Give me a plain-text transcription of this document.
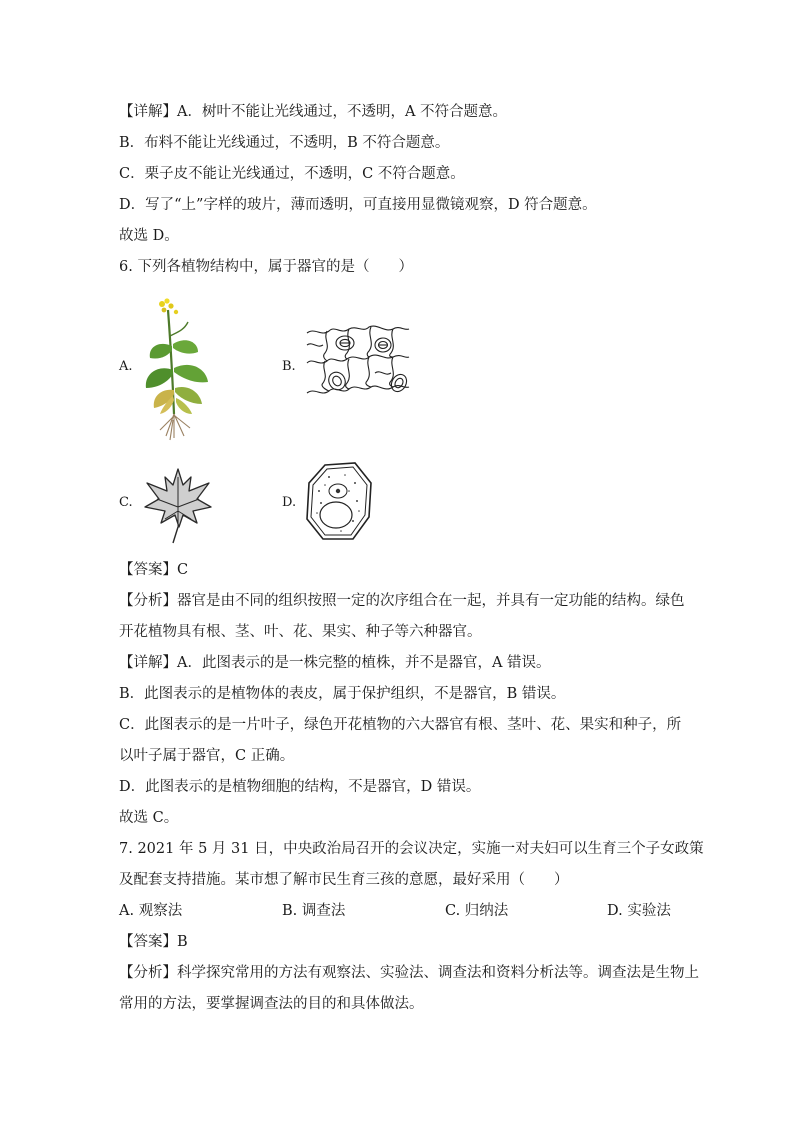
【详解】A．树叶不能让光线通过，不透明，A 不符合题意。
B．布料不能让光线通过，不透明，B 不符合题意。
C．栗子皮不能让光线通过，不透明，C 不符合题意。
D．写了“上”字样的玻片，薄而透明，可直接用显微镜观察，D 符合题意。
故选 D。
6. 下列各植物结构中，属于器官的是（　　）
A.	B.
C.	D.
【答案】C
【分析】器官是由不同的组织按照一定的次序组合在一起，并具有一定功能的结构。绿色
开花植物具有根、茎、叶、花、果实、种子等六种器官。
【详解】A．此图表示的是一株完整的植株，并不是器官，A 错误。
B．此图表示的是植物体的表皮，属于保护组织，不是器官，B 错误。
C．此图表示的是一片叶子，绿色开花植物的六大器官有根、茎叶、花、果实和种子，所
以叶子属于器官，C 正确。
D．此图表示的是植物细胞的结构，不是器官，D 错误。
故选 C。
7. 2021 年 5 月 31 日，中央政治局召开的会议决定，实施一对夫妇可以生育三个子女政策
及配套支持措施。某市想了解市民生育三孩的意愿，最好采用（　　）
A. 观察法	B. 调查法	C. 归纳法	D. 实验法
【答案】B
【分析】科学探究常用的方法有观察法、实验法、调查法和资料分析法等。调查法是生物上
常用的方法，要掌握调查法的目的和具体做法。
